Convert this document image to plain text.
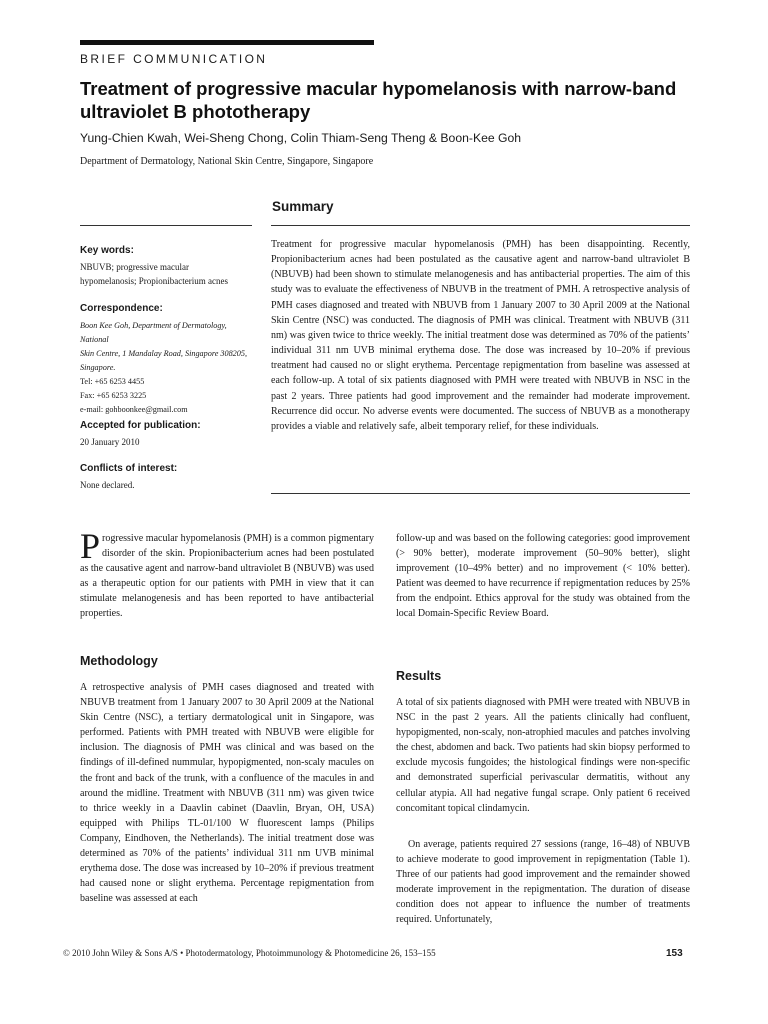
BRIEF COMMUNICATION
Treatment of progressive macular hypomelanosis with narrow-band ultraviolet B phototherapy
Yung-Chien Kwah, Wei-Sheng Chong, Colin Thiam-Seng Theng & Boon-Kee Goh
Department of Dermatology, National Skin Centre, Singapore, Singapore
Summary
Key words:

NBUVB; progressive macular
hypomelanosis; Propionibacterium acnes

Correspondence:

Boon Kee Goh, Department of Dermatology, National
Skin Centre, 1 Mandalay Road, Singapore 308205,
Singapore.
Tel: +65 6253 4455
Fax: +65 6253 3225
e-mail: gohboonkee@gmail.com

Accepted for publication:

20 January 2010

Conflicts of interest:

None declared.

Treatment for progressive macular hypomelanosis (PMH) has been disappointing. Recently, Propionibacterium acnes had been postulated as the causative agent and narrow-band ultraviolet B (NBUVB) had been shown to stimulate melanogenesis and has antibacterial properties. The aim of this study was to evaluate the effectiveness of NBUVB in the treatment of PMH. A retrospective analysis of PMH cases diagnosed and treated with NBUVB from 1 January 2007 to 30 April 2009 at the National Skin Centre (NSC) was conducted. The diagnosis of PMH was clinical. Treatment with NBUVB (311 nm) was given twice to thrice weekly. The initial treatment dose was determined as 70% of the patients’ individual 311 nm UVB minimal erythema dose. The dose was increased by 10–20% if previous treatment had caused no or slight erythema. Percentage repigmentation from baseline was assessed at each follow-up. A total of six patients diagnosed with PMH were treated with NBUVB in NSC in the past 2 years. Three patients had good improvement and the remainder had moderate improvement. Recurrence did occur. No adverse events were documented. The success of NBUVB as a monotherapy provides a viable and relatively safe, albeit temporary relief, for these individuals.

Progressive macular hypomelanosis (PMH) is a common pigmentary disorder of the skin. Propionibacterium acnes had been postulated as the causative agent and narrow-band ultraviolet B (NBUVB) was used as a therapeutic option for our patients with PMH in view that it can stimulate melanogenesis and has been reported to have antibacterial properties.

Methodology
A retrospective analysis of PMH cases diagnosed and treated with NBUVB treatment from 1 January 2007 to 30 April 2009 at the National Skin Centre (NSC), a tertiary dermatological unit in Singapore, was performed. Patients with PMH treated with NBUVB were eligible for inclusion. The diagnosis of PMH was clinical and was based on the findings of ill-defined nummular, hypopigmented, non-scaly macules on the front and back of the trunk, with a confluence of the macules in and around the midline. Treatment with NBUVB (311 nm) was given twice to thrice weekly in a Daavlin cabinet (Daavlin, Bryan, OH, USA) equipped with Philips TL-01/100 W fluorescent lamps (Philips Company, Eindhoven, the Netherlands). The initial treatment dose was determined as 70% of the patients’ individual 311 nm UVB minimal erythema dose. The dose was increased by 10–20% if previous treatment had caused none or slight erythema. Percentage repigmentation from baseline was assessed at each
follow-up and was based on the following categories: good improvement (> 90% better), moderate improvement (50–90% better), slight improvement (10–49% better) and no improvement (< 10% better). Patient was deemed to have recurrence if repigmentation reduces by 25% from the endpoint. Ethics approval for the study was obtained from the local Domain-Specific Review Board.
Results
A total of six patients diagnosed with PMH were treated with NBUVB in NSC in the past 2 years. All the patients clinically had confluent, hypopigmented, non-scaly, non-atrophied macules and patches involving the chest, abdomen and back. Two patients had skin biopsy performed to exclude mycosis fungoides; the histological findings were non-specific and demonstrated superficial perivascular dermatitis, without any cellular atypia. All had negative fungal scrape. Only patient 6 received concomitant topical clindamycin.
On average, patients required 27 sessions (range, 16–48) of NBUVB to achieve moderate to good improvement in repigmentation (Table 1). Three of our patients had good improvement and the remainder showed moderate improvement in the repigmentation. The duration of disease condition does not appear to influence the number of treatments required. Unfortunately,
© 2010 John Wiley & Sons A/S • Photodermatology, Photoimmunology & Photomedicine 26, 153–155	153
